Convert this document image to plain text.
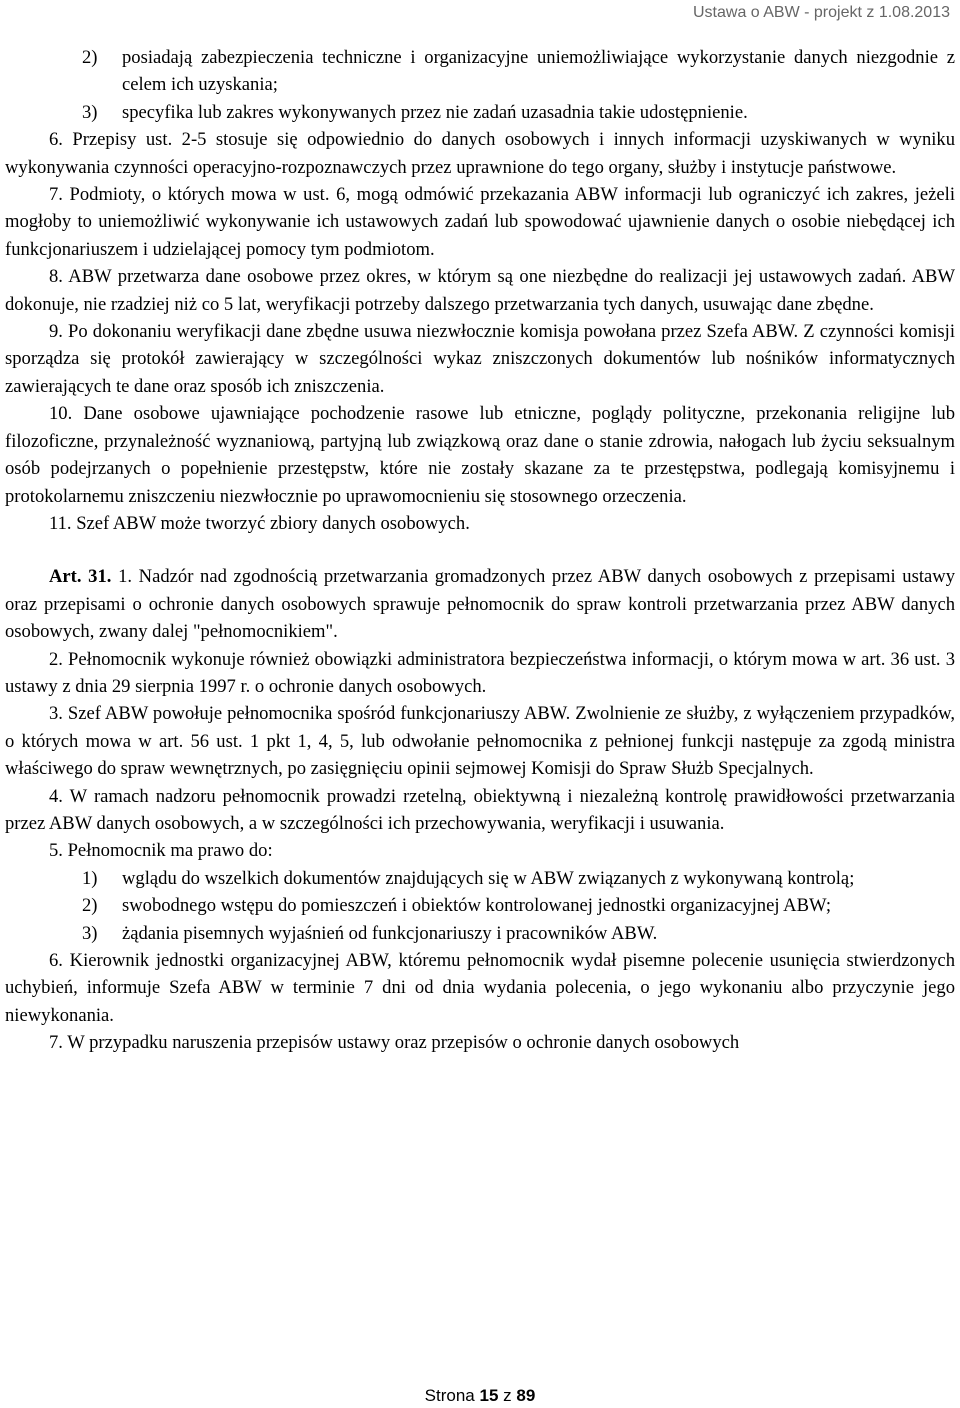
Ustawa o ABW - projekt z 1.08.2013
2)	posiadają zabezpieczenia techniczne i organizacyjne uniemożliwiające wykorzystanie danych niezgodnie z celem ich uzyskania;
3)	specyfika lub zakres wykonywanych przez nie zadań uzasadnia takie udostępnienie.

6. Przepisy ust. 2-5 stosuje się odpowiednio do danych osobowych i innych informacji uzyskiwanych w wyniku wykonywania czynności operacyjno-rozpoznawczych przez uprawnione do tego organy, służby i instytucje państwowe.

7. Podmioty, o których mowa w ust. 6, mogą odmówić przekazania ABW informacji lub ograniczyć ich zakres, jeżeli mogłoby to uniemożliwić wykonywanie ich ustawowych zadań lub spowodować ujawnienie danych o osobie niebędącej ich funkcjonariuszem i udzielającej pomocy tym podmiotom.

8. ABW przetwarza dane osobowe przez okres, w którym są one niezbędne do realizacji jej ustawowych zadań. ABW dokonuje, nie rzadziej niż co 5 lat, weryfikacji potrzeby dalszego przetwarzania tych danych, usuwając dane zbędne.

9. Po dokonaniu weryfikacji dane zbędne usuwa niezwłocznie komisja powołana przez Szefa ABW. Z czynności komisji sporządza się protokół zawierający w szczególności wykaz zniszczonych dokumentów lub nośników informatycznych zawierających te dane oraz sposób ich zniszczenia.

10. Dane osobowe ujawniające pochodzenie rasowe lub etniczne, poglądy polityczne, przekonania religijne lub filozoficzne, przynależność wyznaniową, partyjną lub związkową oraz dane o stanie zdrowia, nałogach lub życiu seksualnym osób podejrzanych o popełnienie przestępstw, które nie zostały skazane za te przestępstwa, podlegają komisyjnemu i protokolarnemu zniszczeniu niezwłocznie po uprawomocnieniu się stosownego orzeczenia.

11. Szef ABW może tworzyć zbiory danych osobowych.

Art. 31. 1. Nadzór nad zgodnością przetwarzania gromadzonych przez ABW danych osobowych z przepisami ustawy oraz przepisami o ochronie danych osobowych sprawuje pełnomocnik do spraw kontroli przetwarzania przez ABW danych osobowych, zwany dalej "pełnomocnikiem".

2. Pełnomocnik wykonuje również obowiązki administratora bezpieczeństwa informacji, o którym mowa w art. 36 ust. 3 ustawy z dnia 29 sierpnia 1997 r. o ochronie danych osobowych.

3. Szef ABW powołuje pełnomocnika spośród funkcjonariuszy ABW. Zwolnienie ze służby, z wyłączeniem przypadków, o których mowa w art. 56 ust. 1 pkt 1, 4, 5, lub odwołanie pełnomocnika z pełnionej funkcji następuje za zgodą ministra właściwego do spraw wewnętrznych, po zasięgnięciu opinii sejmowej Komisji do Spraw Służb Specjalnych.

4. W ramach nadzoru pełnomocnik prowadzi rzetelną, obiektywną i niezależną kontrolę prawidłowości przetwarzania przez ABW danych osobowych, a w szczególności ich przechowywania, weryfikacji i usuwania.

5. Pełnomocnik ma prawo do:

1)	wglądu do wszelkich dokumentów znajdujących się w ABW związanych z wykonywaną kontrolą;
2)	swobodnego wstępu do pomieszczeń i obiektów kontrolowanej jednostki organizacyjnej ABW;
3)	żądania pisemnych wyjaśnień od funkcjonariuszy i pracowników ABW.

6. Kierownik jednostki organizacyjnej ABW, któremu pełnomocnik wydał pisemne polecenie usunięcia stwierdzonych uchybień, informuje Szefa ABW w terminie 7 dni od dnia wydania polecenia, o jego wykonaniu albo przyczynie jego niewykonania.

7. W przypadku naruszenia przepisów ustawy oraz przepisów o ochronie danych osobowych

Strona 15 z 89
